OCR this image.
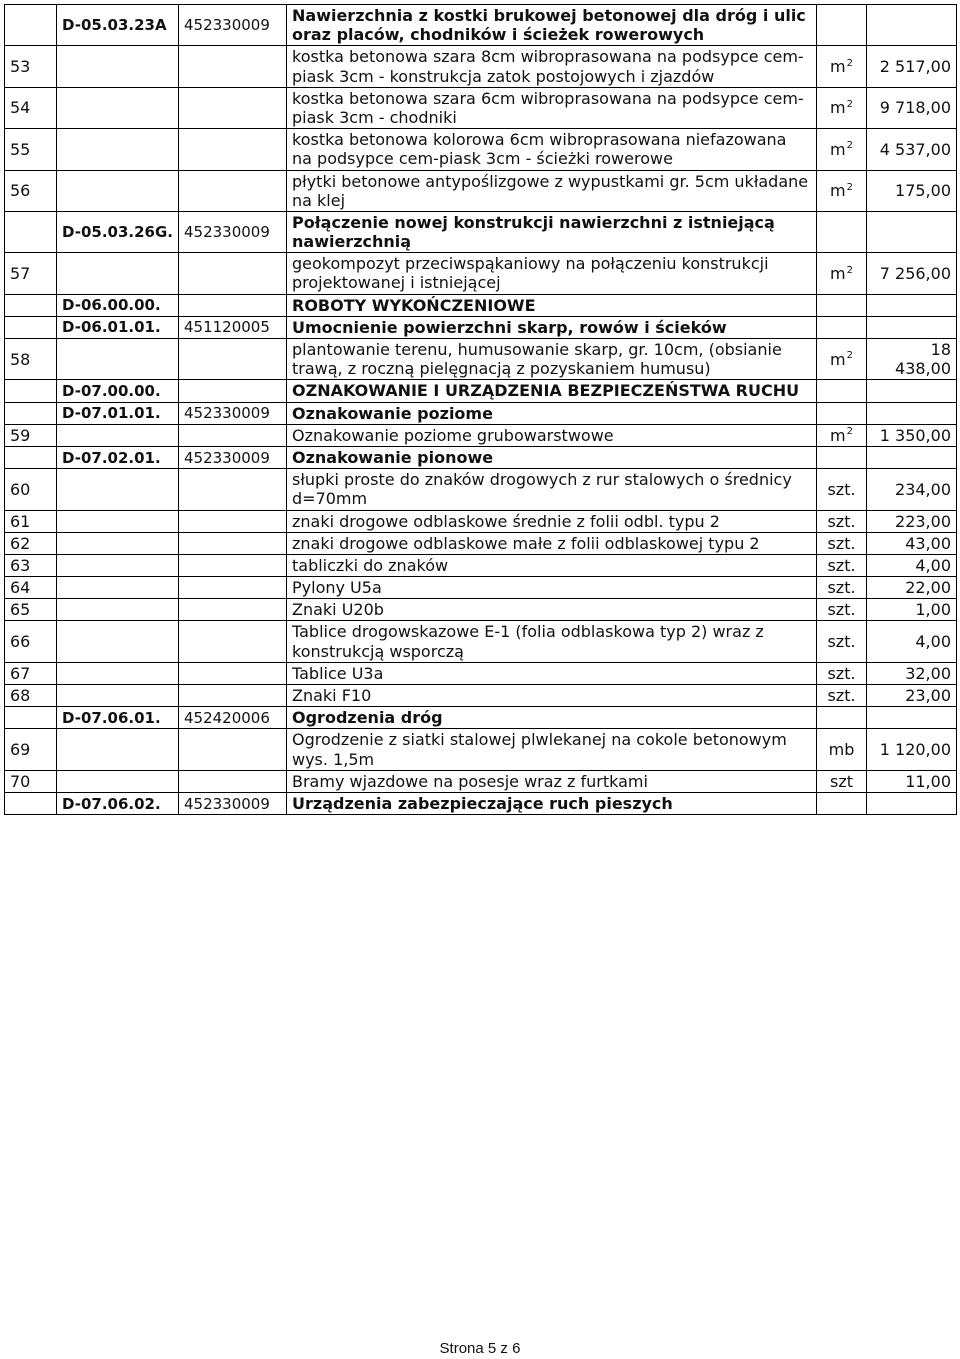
	D-05.03.23A	452330009	Nawierzchnia z kostki brukowej betonowej dla dróg i ulic oraz placów, chodników i ścieżek rowerowych		
53			kostka betonowa szara 8cm wibroprasowana na podsypce cem-piask 3cm - konstrukcja zatok postojowych i zjazdów	$m^2$	2 517,00
54			kostka betonowa szara 6cm wibroprasowana na podsypce cem-piask 3cm - chodniki	$m^2$	9 718,00
55			kostka betonowa kolorowa 6cm wibroprasowana niefazowana na podsypce cem-piask 3cm - ścieżki rowerowe	$m^2$	4 537,00
56			płytki betonowe antypoślizgowe z wypustkami gr. 5cm układane na klej	$m^2$	175,00
	D-05.03.26G.	452330009	Połączenie nowej konstrukcji nawierzchni z istniejącą nawierzchnią		
57			geokompozyt przeciwspąkaniowy na połączeniu konstrukcji projektowanej i istniejącej	$m^2$	7 256,00
	D-06.00.00.		ROBOTY WYKOŃCZENIOWE		
	D-06.01.01.	451120005	Umocnienie powierzchni skarp, rowów i ścieków		
58			plantowanie terenu, humusowanie skarp, gr. 10cm, (obsianie trawą, z roczną pielęgnacją z pozyskaniem humusu)	$m^2$	18 438,00
	D-07.00.00.		OZNAKOWANIE I URZĄDZENIA BEZPIECZEŃSTWA RUCHU		
	D-07.01.01.	452330009	Oznakowanie poziome		
59			Oznakowanie poziome grubowarstwowe	$m^2$	1 350,00
	D-07.02.01.	452330009	Oznakowanie pionowe		
60			słupki proste do znaków drogowych z rur stalowych o średnicy d=70mm	szt.	234,00
61			znaki drogowe odblaskowe średnie z folii odbl. typu 2	szt.	223,00
62			znaki drogowe odblaskowe małe z folii odblaskowej typu 2	szt.	43,00
63			tabliczki do znaków	szt.	4,00
64			Pylony U5a	szt.	22,00
65			Znaki U20b	szt.	1,00
66			Tablice drogowskazowe E-1 (folia odblaskowa typ 2) wraz z konstrukcją wsporczą	szt.	4,00
67			Tablice U3a	szt.	32,00
68			Znaki F10	szt.	23,00
	D-07.06.01.	452420006	Ogrodzenia dróg		
69			Ogrodzenie z siatki stalowej plwlekanej na cokole betonowym wys. 1,5m	mb	1 120,00
70			Bramy wjazdowe na posesje wraz z furtkami	szt	11,00
	D-07.06.02.	452330009	Urządzenia zabezpieczające ruch pieszych		
Strona 5 z 6
